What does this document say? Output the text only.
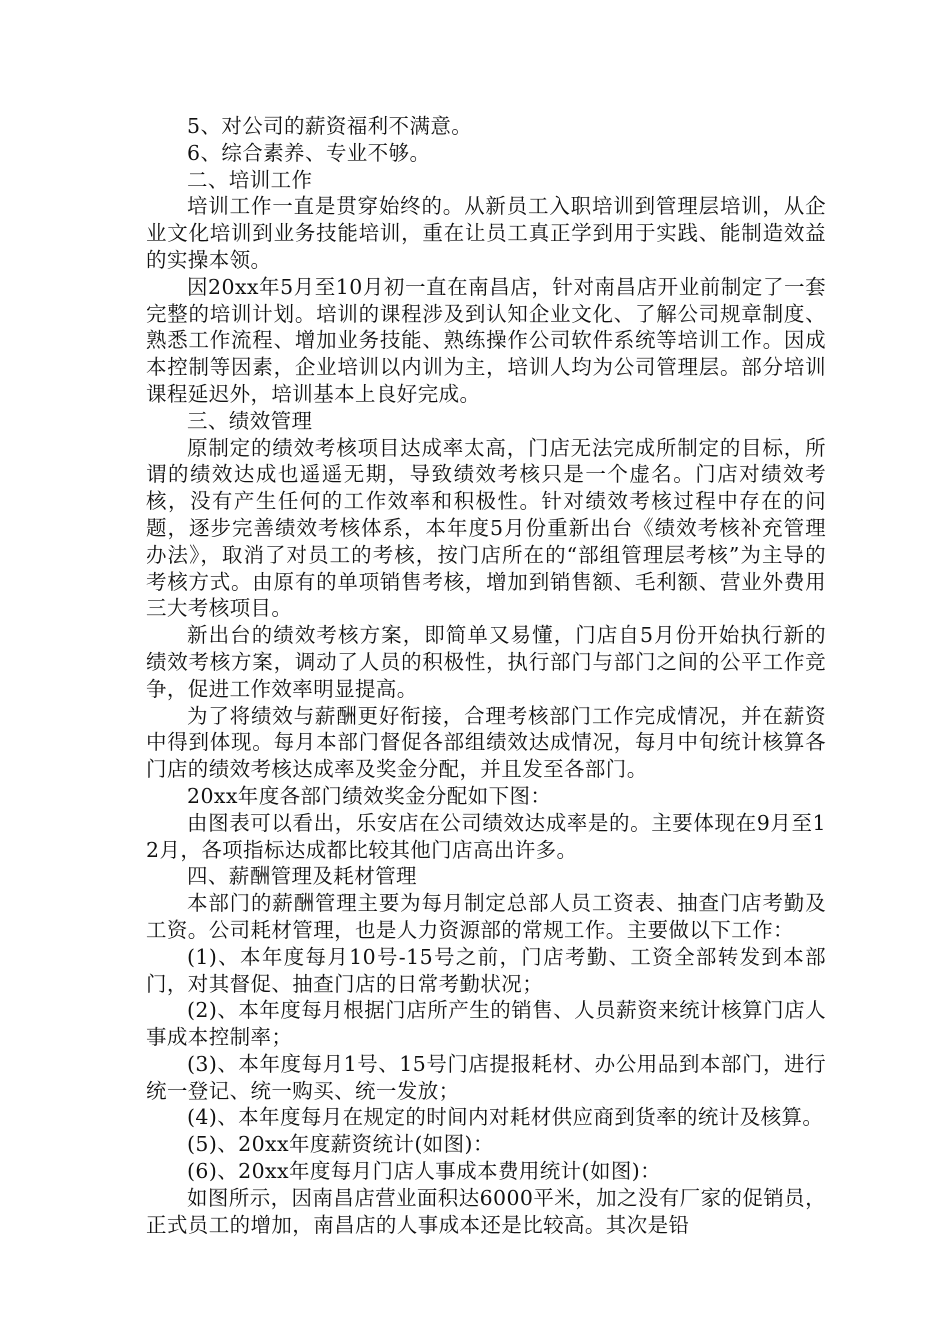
5、对公司的薪资福利不满意。

6、综合素养、专业不够。

二、培训工作

培训工作一直是贯穿始终的。从新员工入职培训到管理层培训，从企业文化培训到业务技能培训，重在让员工真正学到用于实践、能制造效益的实操本领。

因20xx年5月至10月初一直在南昌店，针对南昌店开业前制定了一套完整的培训计划。培训的课程涉及到认知企业文化、了解公司规章制度、熟悉工作流程、增加业务技能、熟练操作公司软件系统等培训工作。因成本控制等因素，企业培训以内训为主，培训人均为公司管理层。部分培训课程延迟外，培训基本上良好完成。

三、绩效管理

原制定的绩效考核项目达成率太高，门店无法完成所制定的目标，所谓的绩效达成也遥遥无期，导致绩效考核只是一个虚名。门店对绩效考核，没有产生任何的工作效率和积极性。针对绩效考核过程中存在的问题，逐步完善绩效考核体系，本年度5月份重新出台《绩效考核补充管理办法》，取消了对员工的考核，按门店所在的“部组管理层考核”为主导的考核方式。由原有的单项销售考核，增加到销售额、毛利额、营业外费用三大考核项目。

新出台的绩效考核方案，即简单又易懂，门店自5月份开始执行新的绩效考核方案，调动了人员的积极性，执行部门与部门之间的公平工作竞争，促进工作效率明显提高。

为了将绩效与薪酬更好衔接，合理考核部门工作完成情况，并在薪资中得到体现。每月本部门督促各部组绩效达成情况，每月中旬统计核算各门店的绩效考核达成率及奖金分配，并且发至各部门。

20xx年度各部门绩效奖金分配如下图：

由图表可以看出，乐安店在公司绩效达成率是的。主要体现在9月至12月，各项指标达成都比较其他门店高出许多。

四、薪酬管理及耗材管理

本部门的薪酬管理主要为每月制定总部人员工资表、抽查门店考勤及工资。公司耗材管理，也是人力资源部的常规工作。主要做以下工作：

(1)、本年度每月10号-15号之前，门店考勤、工资全部转发到本部门，对其督促、抽查门店的日常考勤状况；

(2)、本年度每月根据门店所产生的销售、人员薪资来统计核算门店人事成本控制率；

(3)、本年度每月1号、15号门店提报耗材、办公用品到本部门，进行统一登记、统一购买、统一发放；

(4)、本年度每月在规定的时间内对耗材供应商到货率的统计及核算。

(5)、20xx年度薪资统计(如图)：

(6)、20xx年度每月门店人事成本费用统计(如图)：

如图所示，因南昌店营业面积达6000平米，加之没有厂家的促销员，正式员工的增加，南昌店的人事成本还是比较高。其次是铅
